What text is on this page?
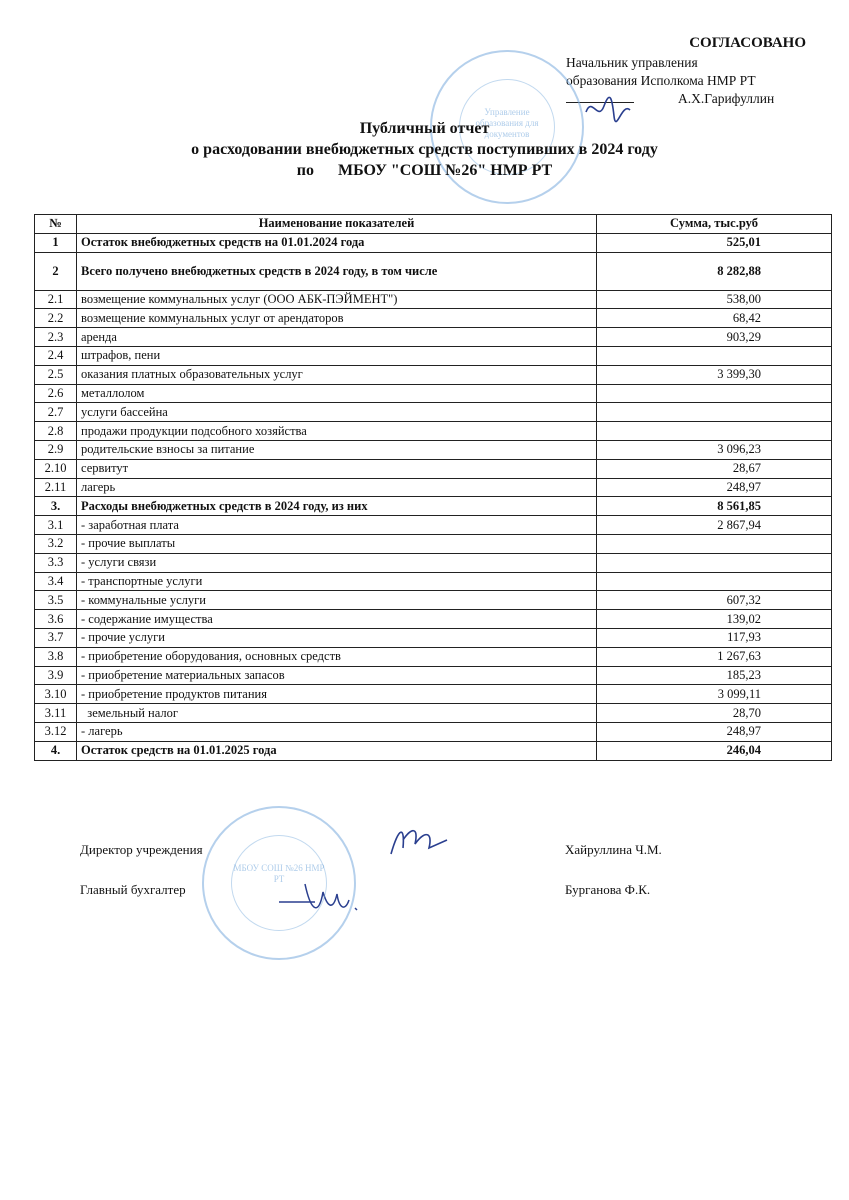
СОГЛАСОВАНО
Начальник управления
образования Исполкома НМР РТ
А.Х.Гарифуллин
Управление образования для документов
Публичный отчет
о расходовании внебюджетных средств поступивших в 2024 году
по      МБОУ "СОШ №26" НМР РТ
№	Наименование показателей	Сумма, тыс.руб
1	Остаток внебюджетных средств на 01.01.2024 года	525,01
2	Всего получено внебюджетных средств в 2024 году, в том числе	8 282,88
2.1	возмещение коммунальных услуг (ООО АБК-ПЭЙМЕНТ")	538,00
2.2	возмещение коммунальных услуг от арендаторов	68,42
2.3	аренда	903,29
2.4	штрафов, пени	
2.5	оказания платных образовательных услуг	3 399,30
2.6	металлолом	
2.7	услуги бассейна	
2.8	продажи продукции подсобного хозяйства	
2.9	родительские взносы за питание	3 096,23
2.10	сервитут	28,67
2.11	лагерь	248,97
3.	Расходы внебюджетных средств в 2024 году, из них	8 561,85
3.1	- заработная плата	2 867,94
3.2	- прочие выплаты	
3.3	- услуги связи	
3.4	- транспортные услуги	
3.5	- коммунальные услуги	607,32
3.6	- содержание имущества	139,02
3.7	- прочие услуги	117,93
3.8	- приобретение оборудования, основных средств	1 267,63
3.9	- приобретение материальных запасов	185,23
3.10	- приобретение продуктов питания	3 099,11
3.11	земельный налог	28,70
3.12	- лагерь	248,97
4.	Остаток средств на 01.01.2025 года	246,04
Директор учреждения	Хайруллина Ч.М.
Главный бухгалтер	Бурганова Ф.К.
МБОУ СОШ №26 НМР РТ
